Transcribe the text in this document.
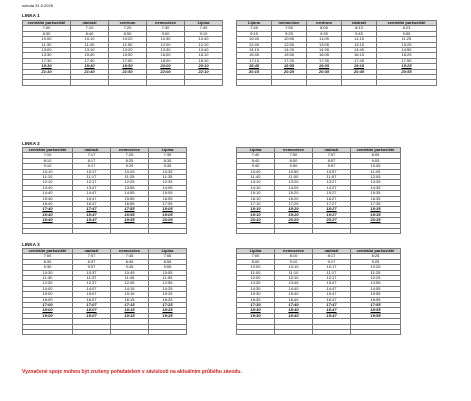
sobota 31.5.2025
LINKA 1
centrální parkoviště	nádraží	centrum	nemocnice	Lipina
7:00	7:10	7:20	7:30	7:40
8:30	8:40	8:50	9:00	9:10
10:00	10:10	10:20	10:30	10:40
11:30	11:40	11:50	12:00	12:10
13:00	13:10	13:20	13:30	13:40
13:30	15:40	15:50	16:00	16:10
17:30	17:40	17:50	18:00	18:10
19:30	19:40	19:50	20:00	20:10
21:30	21:40	21:50	22:00	22:10

Lipina	nemocnice	centrum	nádraží	centrální parkoviště
7:45	7:55	8:05	8:13	8:23
9:15	9:25	9:35	9:45	9:55
10:45	10:55	11:05	11:15	11:25
12:45	12:55	13:05	13:15	13:25
14:15	14:25	14:35	14:45	14:55
15:45	15:55	16:05	16:15	16:25
17:15	17:25	17:35	17:45	17:55
18:45	18:55	19:05	19:15	19:25
20:15	20:25	20:35	20:45	20:55

LINKA 2
centrální parkoviště	nádraží	nemocnice	Lipina
7:10	7:17	7:25	7:35
8:10	8:17	8:25	8:35
9:10	9:17	9:25	9:35
10:10	10:17	10:25	10:35
11:10	11:17	11:25	11:35
12:10	12:17	12:25	12:35
13:40	13:47	13:55	14:05
14:40	14:47	14:55	15:05
15:40	15:47	15:55	16:05
16:40	16:47	16:55	17:05
17:40	17:47	17:55	18:05
18:40	18:47	18:55	19:05
19:40	19:47	19:55	20:05

Lipina	nemocnice	nádraží	centrální parkoviště
7:40	7:50	7:57	8:05
8:40	8:50	8:57	9:05
9:40	9:50	9:57	10:05
10:40	10:50	10:57	11:05
11:40	11:50	11:57	12:05
13:10	13:20	13:27	13:35
14:10	14:20	14:27	14:35
15:10	15:20	15:27	15:35
16:10	16:20	16:27	16:35
17:10	17:20	17:27	17:35
18:10	18:20	18:27	18:35
19:10	19:20	19:27	19:35
20:10	20:20	20:27	20:35

LINKA 3
centrální parkoviště	nádraží	nemocnice	Lipina
7:00	7:07	7:45	7:55
8:30	8:37	8:45	8:55
9:30	9:37	9:45	9:55
10:30	10:37	10:45	10:55
11:30	11:37	11:45	11:55
12:30	12:37	12:45	12:55
14:00	14:07	14:15	14:25
15:00	15:07	15:15	15:25
16:00	16:07	16:15	16:25
17:00	17:07	17:15	17:25
18:00	18:07	18:15	18:25
19:00	19:07	19:15	19:25

Lipina	nemocnice	nádraží	centrální parkoviště
7:00	8:10	8:17	8:25
8:00	9:10	9:17	9:25
10:00	10:10	10:17	10:25
11:00	11:10	11:17	11:25
12:00	12:10	12:17	12:25
13:30	13:40	13:47	13:55
14:30	14:40	14:47	14:55
15:30	15:40	15:47	15:55
16:30	16:40	16:47	16:55
17:30	17:40	17:47	17:55
18:30	18:40	18:47	18:55
19:30	19:40	19:47	19:55

Vyznačené spoje mohou být zrušeny pořadatelem v závislosti na aktuálním průběhu závodu.
